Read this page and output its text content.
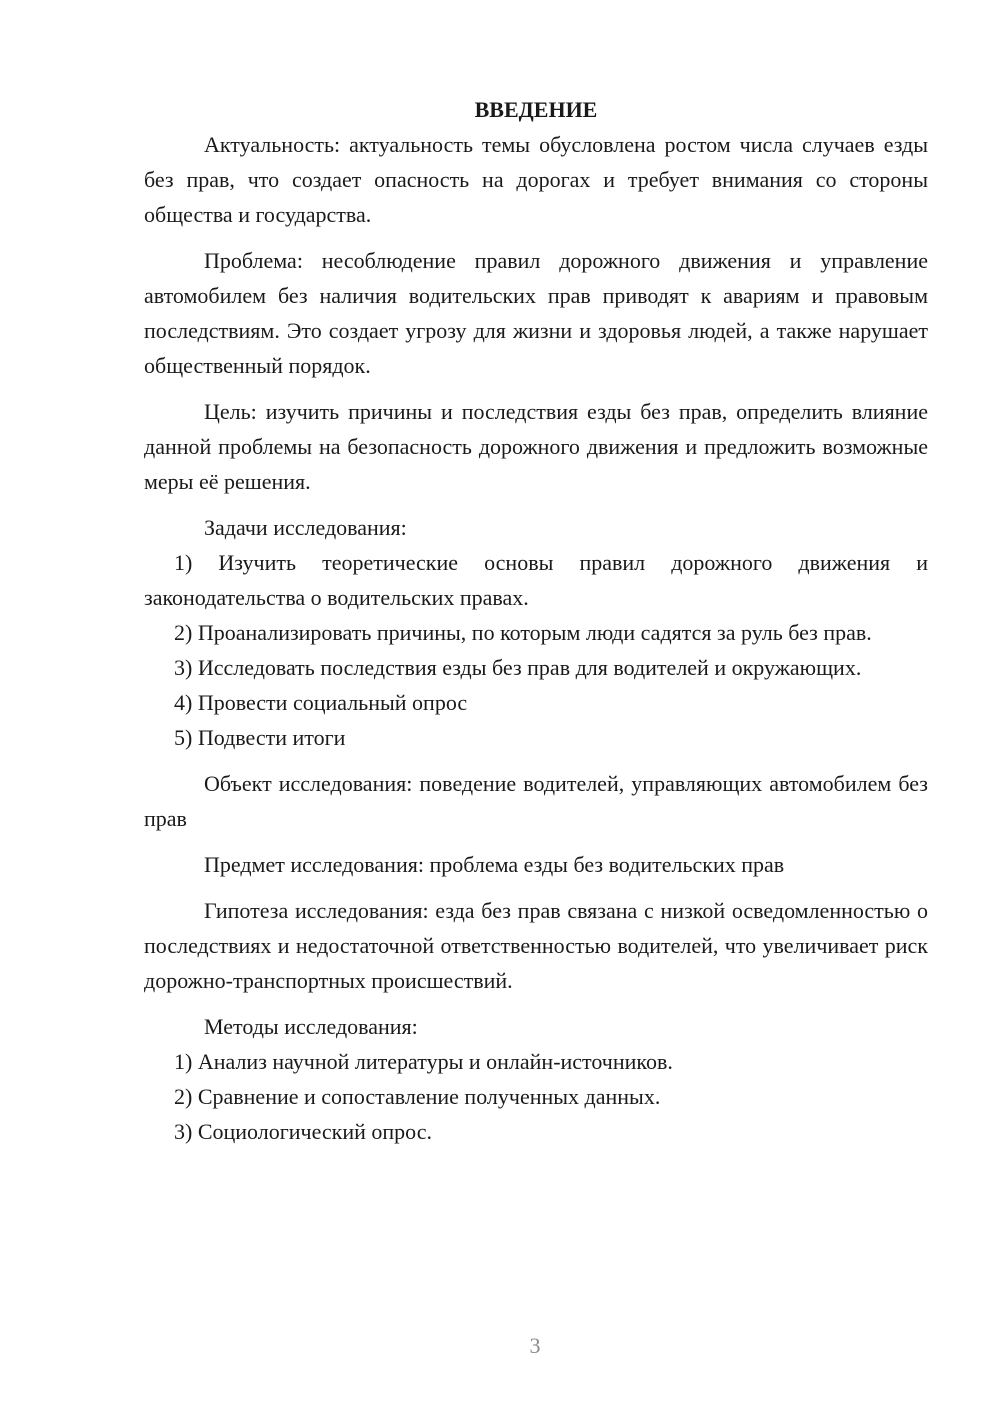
ВВЕДЕНИЕ

Актуальность: актуальность темы обусловлена ростом числа случаев езды без прав, что создает опасность на дорогах и требует внимания со стороны общества и государства.

Проблема: несоблюдение правил дорожного движения и управление автомобилем без наличия водительских прав приводят к авариям и правовым последствиям. Это создает угрозу для жизни и здоровья людей, а также нарушает общественный порядок.

Цель: изучить причины и последствия езды без прав, определить влияние данной проблемы на безопасность дорожного движения и предложить возможные меры её решения.

Задачи исследования:

1) Изучить теоретические основы правил дорожного движения и законодательства о водительских правах.

2) Проанализировать причины, по которым люди садятся за руль без прав.

3) Исследовать последствия езды без прав для водителей и окружающих.

4) Провести социальный опрос

5) Подвести итоги

Объект исследования: поведение водителей, управляющих автомобилем без прав

Предмет исследования: проблема езды без водительских прав

Гипотеза исследования: езда без прав связана с низкой осведомленностью о последствиях и недостаточной ответственностью водителей, что увеличивает риск дорожно-транспортных происшествий.

Методы исследования:

1) Анализ научной литературы и онлайн-источников.

2) Сравнение и сопоставление полученных данных.

3) Социологический опрос.

3
